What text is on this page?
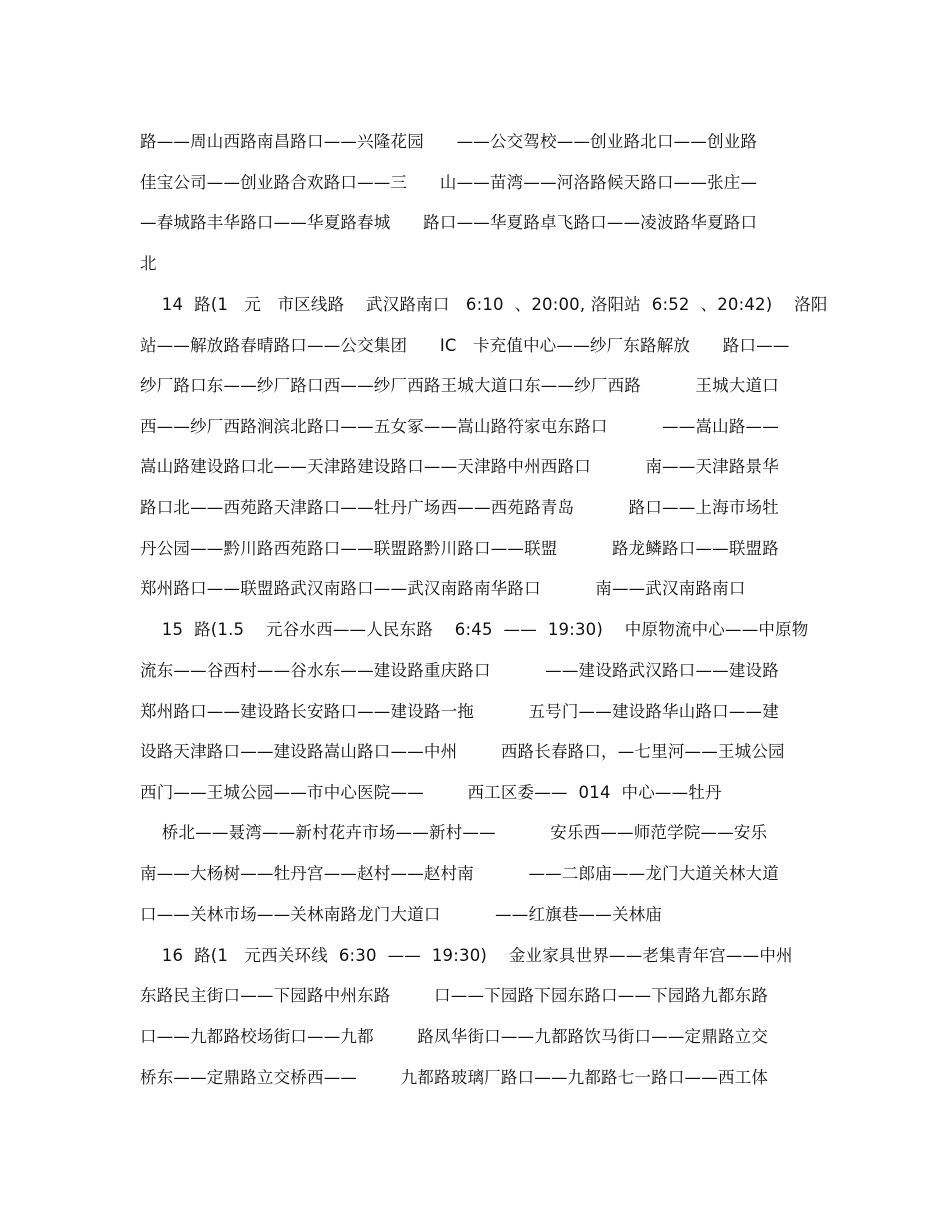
路——周山西路南昌路口——兴隆花园      ——公交驾校——创业路北口——创业路
佳宝公司——创业路合欢路口——三      山——苗湾——河洛路候天路口——张庄—
—春城路丰华路口——华夏路春城      路口——华夏路卓飞路口——凌波路华夏路口
北
14  路(1   元   市区线路    武汉路南口   6:10  、20:00, 洛阳站  6:52  、20:42)    洛阳
站——解放路春晴路口——公交集团      IC   卡充值中心——纱厂东路解放      路口——
纱厂路口东——纱厂路口西——纱厂西路王城大道口东——纱厂西路          王城大道口
西——纱厂西路涧滨北路口——五女冢——嵩山路符家屯东路口          ——嵩山路——
嵩山路建设路口北——天津路建设路口——天津路中州西路口          南——天津路景华
路口北——西苑路天津路口——牡丹广场西——西苑路青岛          路口——上海市场牡
丹公园——黔川路西苑路口——联盟路黔川路口——联盟          路龙鳞路口——联盟路
郑州路口——联盟路武汉南路口——武汉南路南华路口          南——武汉南路南口
15  路(1.5    元谷水西——人民东路    6:45  ——  19:30)    中原物流中心——中原物
流东——谷西村——谷水东——建设路重庆路口          ——建设路武汉路口——建设路
郑州路口——建设路长安路口——建设路一拖          五号门——建设路华山路口——建
设路天津路口——建设路嵩山路口——中州        西路长春路口，—七里河——王城公园
西门——王城公园——市中心医院——        西工区委——  014  中心——牡丹
桥北——聂湾——新村花卉市场——新村——          安乐西——师范学院——安乐
南——大杨树——牡丹宫——赵村——赵村南          ——二郎庙——龙门大道关林大道
口——关林市场——关林南路龙门大道口          ——红旗巷——关林庙
16  路(1   元西关环线  6:30  ——  19:30)    金业家具世界——老集青年宫——中州
东路民主街口——下园路中州东路        口——下园路下园东路口——下园路九都东路
口——九都路校场街口——九都        路凤华街口——九都路饮马街口——定鼎路立交
桥东——定鼎路立交桥西——        九都路玻璃厂路口——九都路七一路口——西工体
